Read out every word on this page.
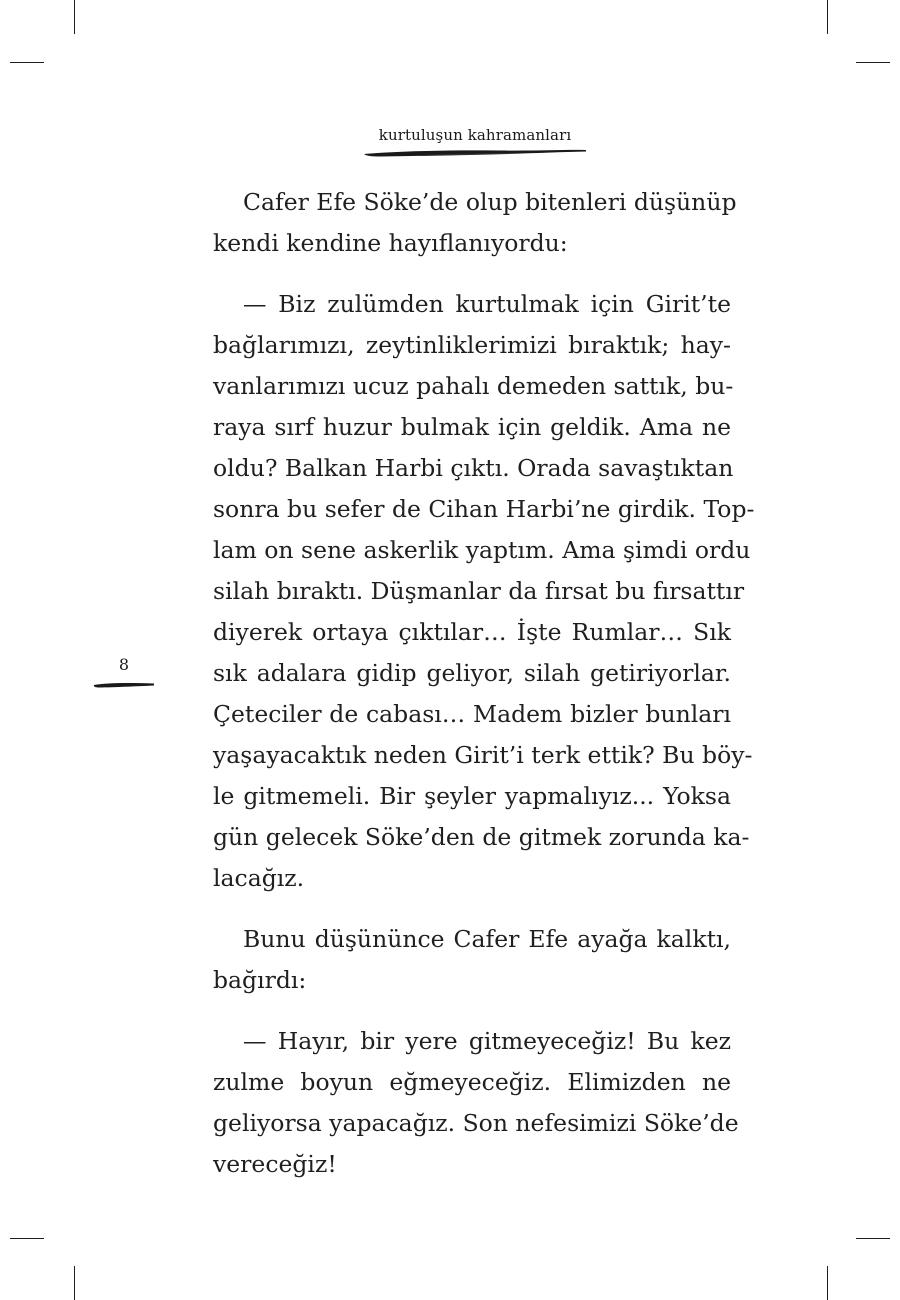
kurtuluşun kahramanları
8

Cafer Efe Söke’de olup bitenleri düşünüp
kendi kendine hayıflanıyordu:

— Biz zulümden kurtulmak için Girit’te
bağlarımızı, zeytinliklerimizi bıraktık; hay-
vanlarımızı ucuz pahalı demeden sattık, bu-
raya sırf huzur bulmak için geldik. Ama ne
oldu? Balkan Harbi çıktı. Orada savaştıktan
sonra bu sefer de Cihan Harbi’ne girdik. Top-
lam on sene askerlik yaptım. Ama şimdi ordu
silah bıraktı. Düşmanlar da fırsat bu fırsattır
diyerek ortaya çıktılar… İşte Rumlar… Sık
sık adalara gidip geliyor, silah getiriyorlar.
Çeteciler de cabası… Madem bizler bunları
yaşayacaktık neden Girit’i terk ettik? Bu böy-
le gitmemeli. Bir şeyler yapmalıyız... Yoksa
gün gelecek Söke’den de gitmek zorunda ka-
lacağız.

Bunu düşününce Cafer Efe ayağa kalktı,
bağırdı:

— Hayır, bir yere gitmeyeceğiz! Bu kez
zulme boyun eğmeyeceğiz. Elimizden ne
geliyorsa yapacağız. Son nefesimizi Söke’de
vereceğiz!
